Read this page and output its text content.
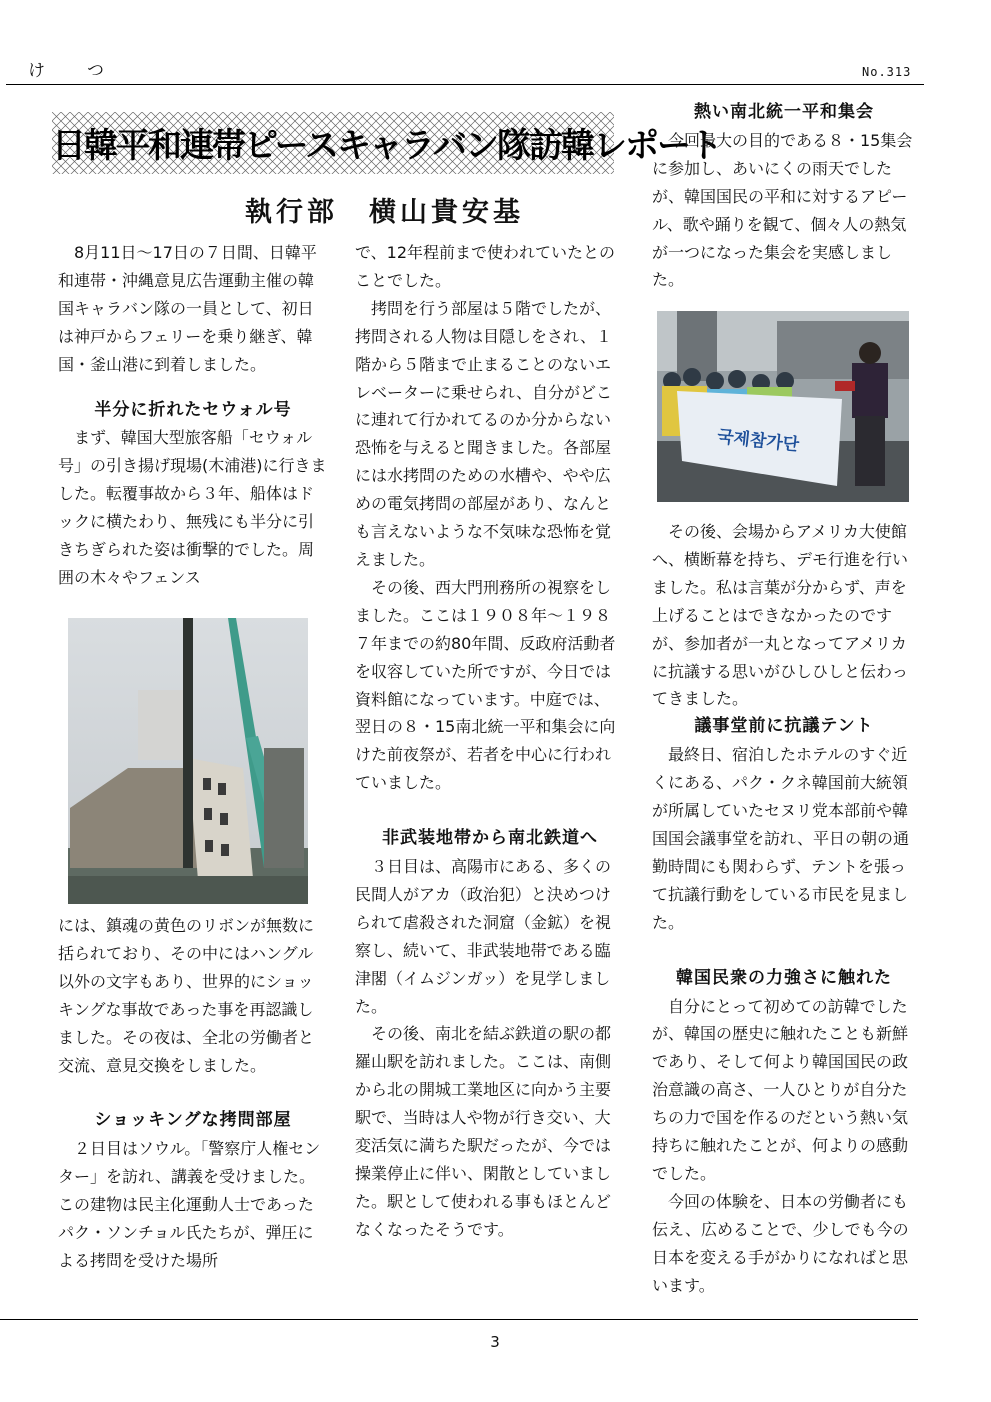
けつ	No.313
日韓平和連帯ピースキャラバン隊訪韓レポート
執行部　横山貴安基

8月11日～17日の７日間、日韓平和連帯・沖縄意見広告運動主催の韓国キャラバン隊の一員として、初日は神戸からフェリーを乗り継ぎ、韓国・釜山港に到着しました。

半分に折れたセウォル号

まず、韓国大型旅客船「セウォル号」の引き揚げ現場(木浦港)に行きました。転覆事故から３年、船体はドックに横たわり、無残にも半分に引きちぎられた姿は衝撃的でした。周囲の木々やフェンス

には、鎮魂の黄色のリボンが無数に括られており、その中にはハングル以外の文字もあり、世界的にショッキングな事故であった事を再認識しました。その夜は、全北の労働者と交流、意見交換をしました。

ショッキングな拷問部屋

２日目はソウル。「警察庁人権センター」を訪れ、講義を受けました。この建物は民主化運動人士であったパク・ソンチョル氏たちが、弾圧による拷問を受けた場所

で、12年程前まで使われていたとのことでした。

拷問を行う部屋は５階でしたが、拷問される人物は目隠しをされ、１階から５階まで止まることのないエレベーターに乗せられ、自分がどこに連れて行かれてるのか分からない恐怖を与えると聞きました。各部屋には水拷問のための水槽や、やや広めの電気拷問の部屋があり、なんとも言えないような不気味な恐怖を覚えました。

その後、西大門刑務所の視察をしました。ここは１９０８年～１９８７年までの約80年間、反政府活動者を収容していた所ですが、今日では資料館になっています。中庭では、翌日の８・15南北統一平和集会に向けた前夜祭が、若者を中心に行われていました。

非武装地帯から南北鉄道へ

３日目は、高陽市にある、多くの民間人がアカ（政治犯）と決めつけられて虐殺された洞窟（金鉱）を視察し、続いて、非武装地帯である臨津閣（イムジンガッ）を見学しました。

その後、南北を結ぶ鉄道の駅の都羅山駅を訪れました。ここは、南側から北の開城工業地区に向かう主要駅で、当時は人や物が行き交い、大変活気に満ちた駅だったが、今では操業停止に伴い、閑散としていました。駅として使われる事もほとんどなくなったそうです。

熱い南北統一平和集会

今回最大の目的である８・15集会に参加し、あいにくの雨天でしたが、韓国国民の平和に対するアピール、歌や踊りを観て、個々人の熱気が一つになった集会を実感しました。

국제참가단

その後、会場からアメリカ大使館へ、横断幕を持ち、デモ行進を行いました。私は言葉が分からず、声を上げることはできなかったのですが、参加者が一丸となってアメリカに抗議する思いがひしひしと伝わってきました。

議事堂前に抗議テント

最終日、宿泊したホテルのすぐ近くにある、パク・クネ韓国前大統領が所属していたセヌリ党本部前や韓国国会議事堂を訪れ、平日の朝の通勤時間にも関わらず、テントを張って抗議行動をしている市民を見ました。

韓国民衆の力強さに触れた

自分にとって初めての訪韓でしたが、韓国の歴史に触れたことも新鮮であり、そして何より韓国国民の政治意識の高さ、一人ひとりが自分たちの力で国を作るのだという熱い気持ちに触れたことが、何よりの感動でした。

今回の体験を、日本の労働者にも伝え、広めることで、少しでも今の日本を変える手がかりになればと思います。

3
